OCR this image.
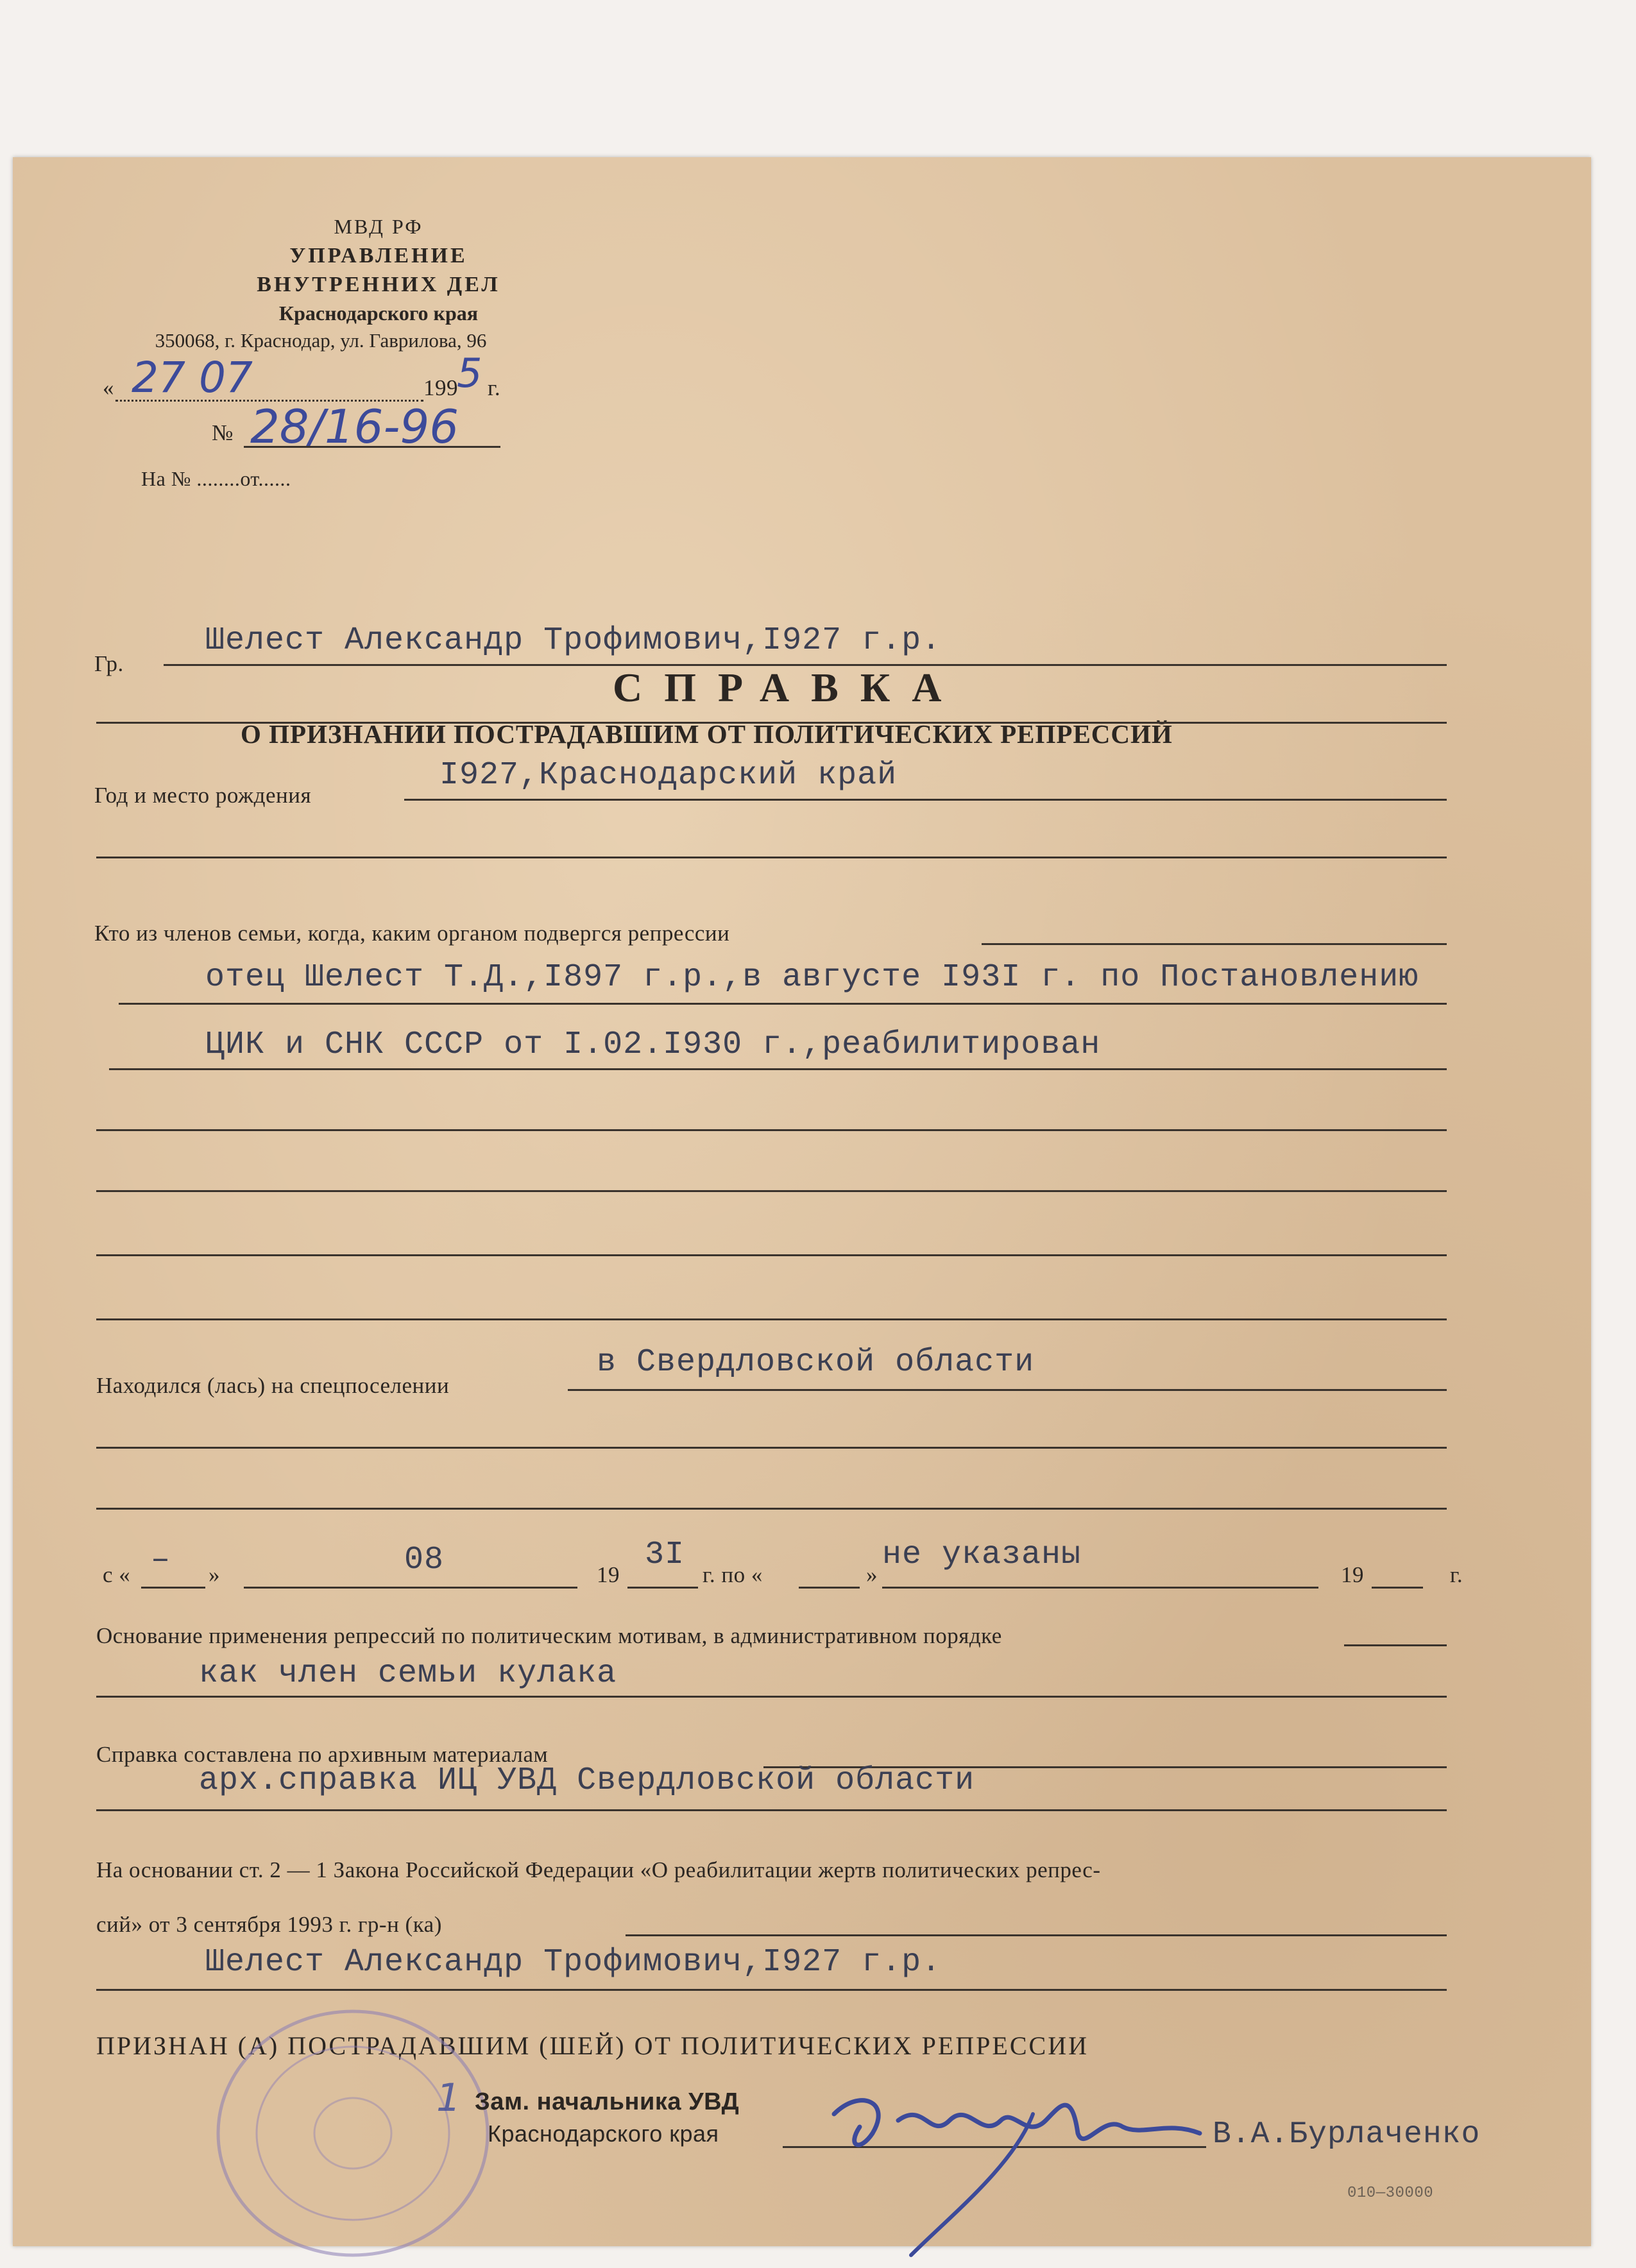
МВД РФ
УПРАВЛЕНИЕ
ВНУТРЕННИХ ДЕЛ
Краснодарского края
350068, г. Краснодар, ул. Гаврилова, 96
« 27 07	199
5 г.
№ 28/16-96
На № ........от......
СПРАВКА
О ПРИЗНАНИИ ПОСТРАДАВШИМ ОТ ПОЛИТИЧЕСКИХ РЕПРЕССИЙ
Гр.
Шелест Александр Трофимович,I927 г.р.
Год и место рождения
I927,Краснодарский край
Кто из членов семьи, когда, каким органом подвергся репрессии
отец Шелест Т.Д.,I897 г.р.,в августе I93I г. по Постановлению
ЦИК и СНК СССР от I.02.I930 г.,реабилитирован
Находился (лась) на спецпоселении
в Свердловской области
с « – »	08	19
3I
г. по «	»
не указаны
19	г.
Основание применения репрессий по политическим мотивам, в административном порядке
как член семьи кулака
Справка составлена по архивным материалам
арх.справка ИЦ УВД Свердловской области
На основании ст. 2 — 1 Закона Российской Федерации «О реабилитации жертв политических репрес-
сий» от 3 сентября 1993 г. гр-н (ка)
Шелест Александр Трофимович,I927 г.р.
ПРИЗНАН (А) ПОСТРАДАВШИМ (ШЕЙ) ОТ ПОЛИТИЧЕСКИХ РЕПРЕССИИ
1 Зам. начальника УВД
Краснодарского края	В.А.Бурлаченко
010—30000
